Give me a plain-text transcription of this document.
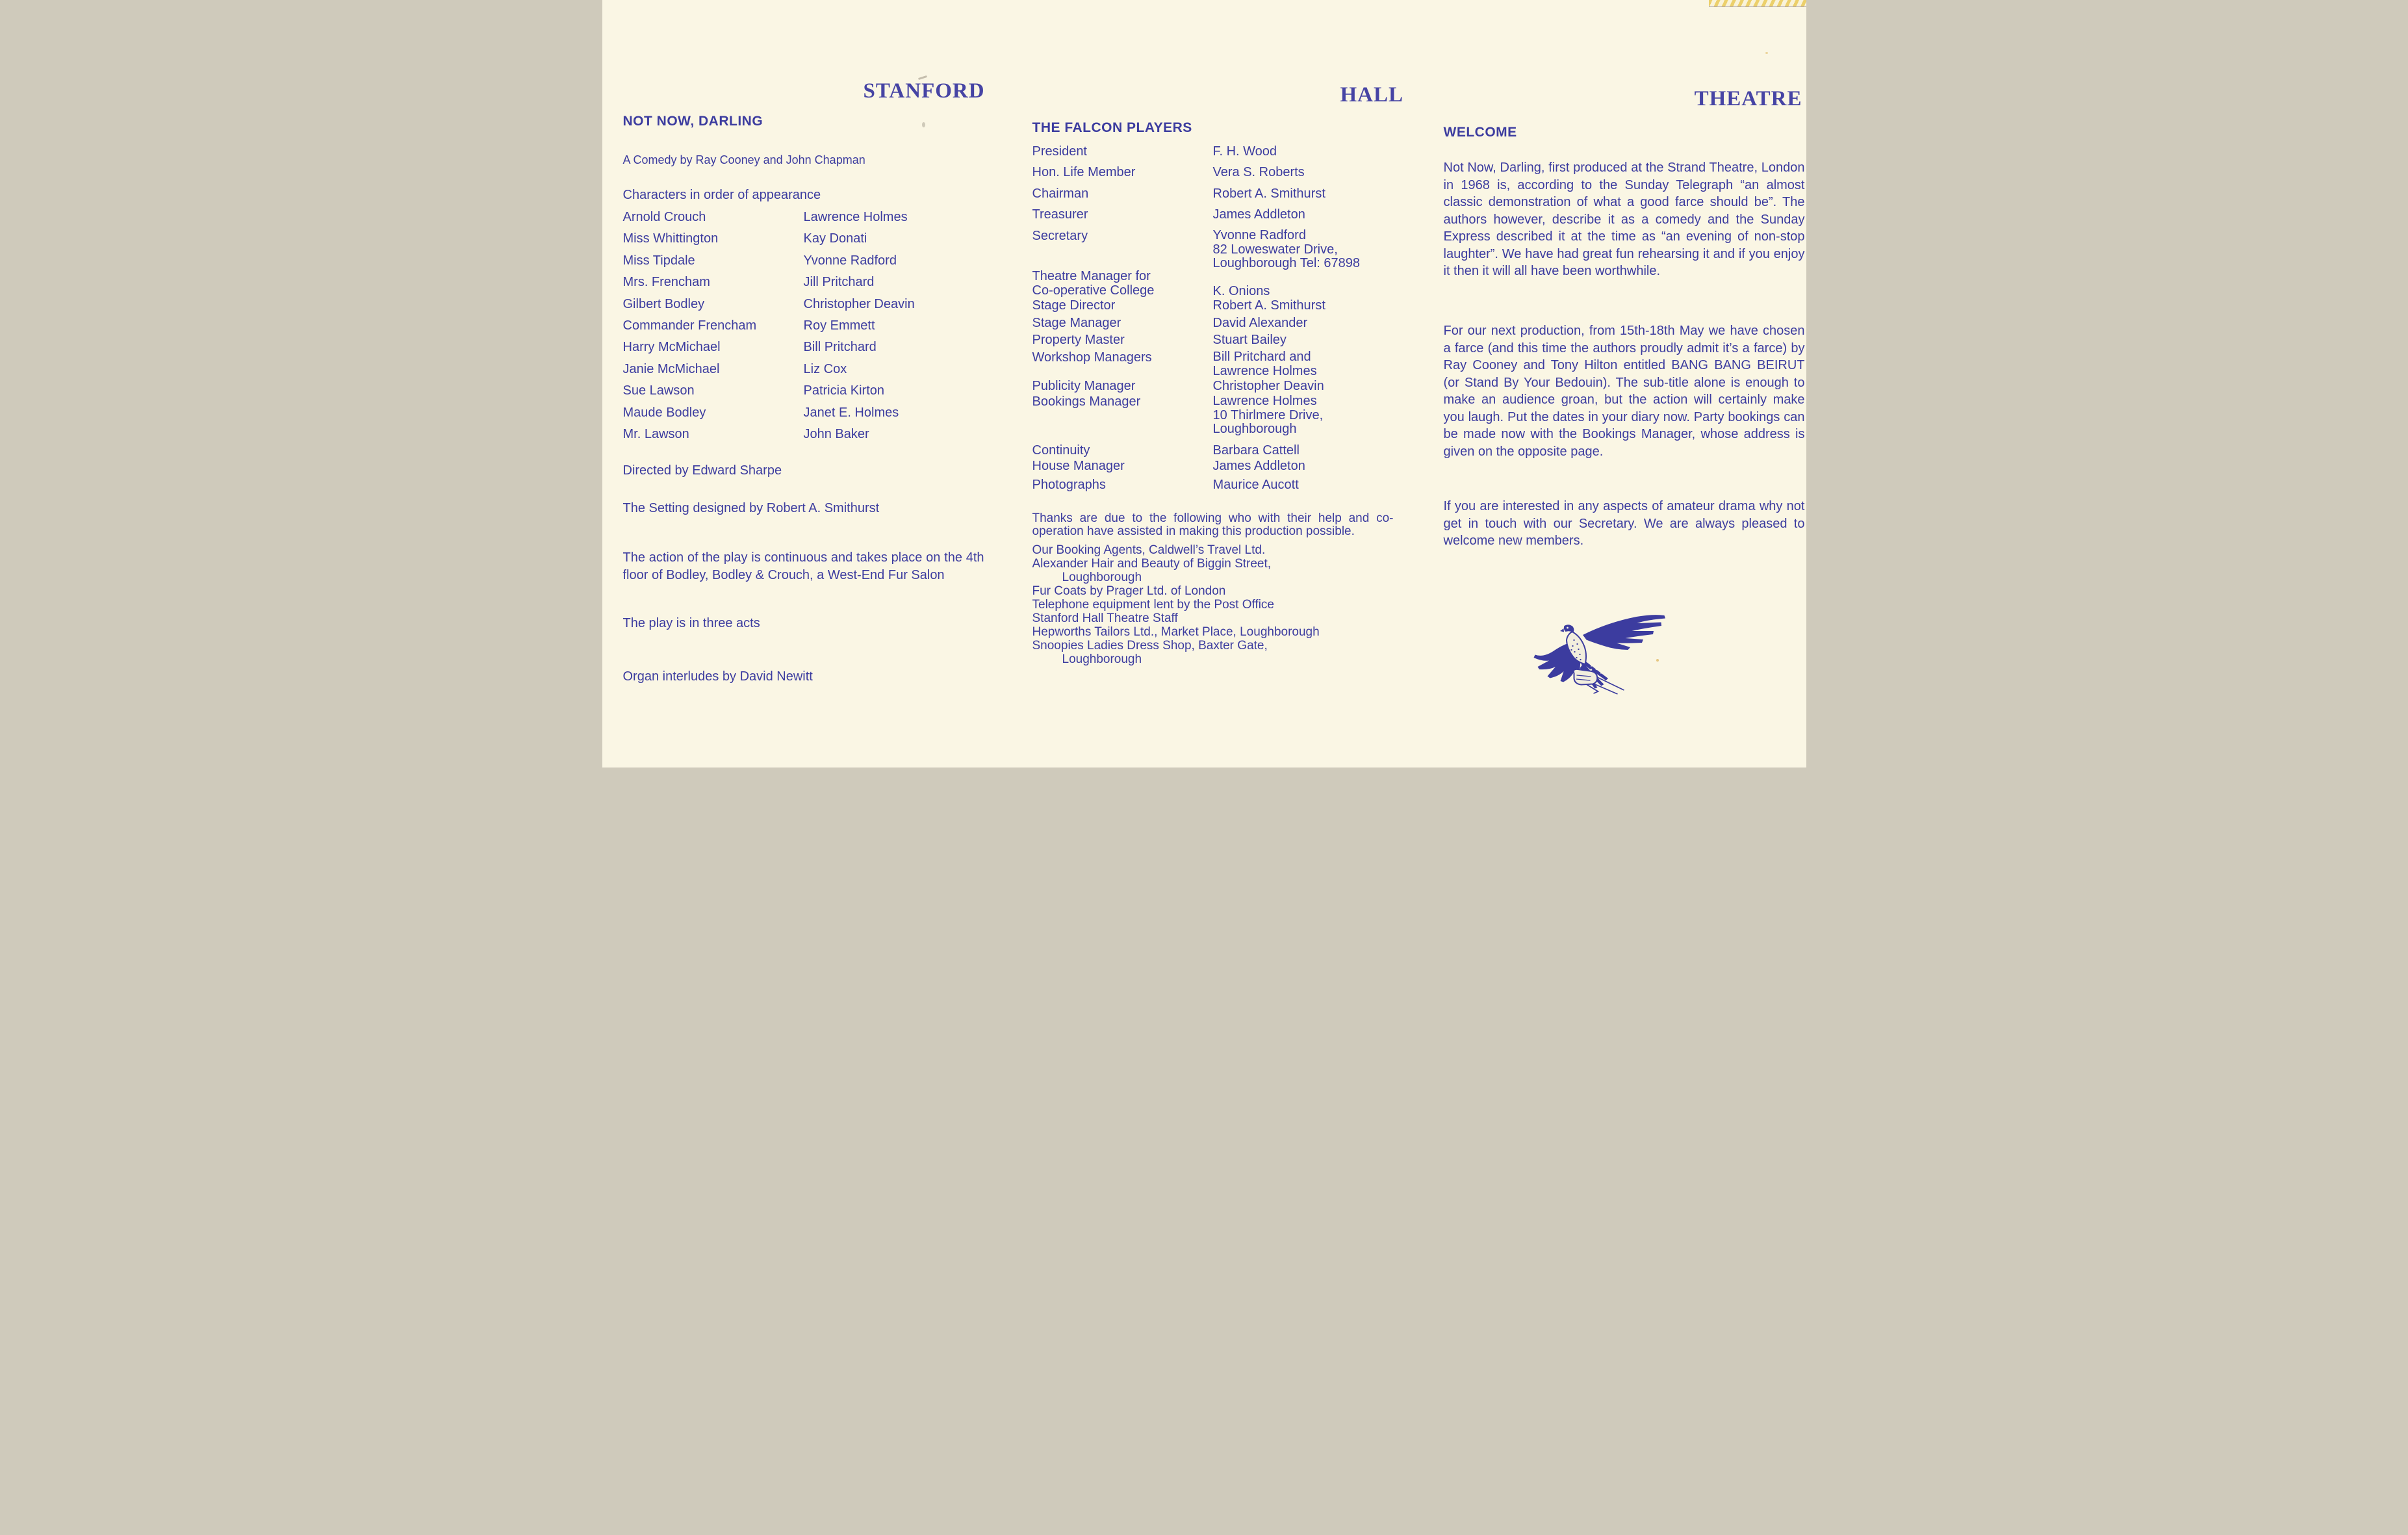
STANFORD	HALL	THEATRE
NOT NOW, DARLING
A Comedy by Ray Cooney and John Chapman
Characters in order of appearance
Arnold Crouch	Lawrence Holmes
Miss Whittington	Kay Donati
Miss Tipdale	Yvonne Radford
Mrs. Frencham	Jill Pritchard
Gilbert Bodley	Christopher Deavin
Commander Frencham	Roy Emmett
Harry McMichael	Bill Pritchard
Janie McMichael	Liz Cox
Sue Lawson	Patricia Kirton
Maude Bodley	Janet E. Holmes
Mr. Lawson	John Baker
Directed by Edward Sharpe
The Setting designed by Robert A. Smithurst
The action of the play is continuous and takes place on the 4th floor of Bodley, Bodley & Crouch, a West-End Fur Salon
The play is in three acts
Organ interludes by David Newitt
THE FALCON PLAYERS
President	F. H. Wood
Hon. Life Member	Vera S. Roberts
Chairman	Robert A. Smithurst
Treasurer	James Addleton
Secretary	Yvonne Radford
82 Loweswater Drive,
Loughborough Tel: 67898
Theatre Manager for
Co-operative College	K. Onions
Stage Director	Robert A. Smithurst
Stage Manager	David Alexander
Property Master	Stuart Bailey
Workshop Managers	Bill Pritchard and
Lawrence Holmes
Publicity Manager	Christopher Deavin
Bookings Manager	Lawrence Holmes
10 Thirlmere Drive,
Loughborough
Continuity	Barbara Cattell
House Manager	James Addleton
Photographs	Maurice Aucott

Thanks are due to the following who with their help and co-operation have assisted in making this production possible.

Our Booking Agents, Caldwell’s Travel Ltd.
Alexander Hair and Beauty of Biggin Street,
Loughborough
Fur Coats by Prager Ltd. of London
Telephone equipment lent by the Post Office
Stanford Hall Theatre Staff
Hepworths Tailors Ltd., Market Place, Loughborough
Snoopies Ladies Dress Shop, Baxter Gate,
Loughborough
WELCOME
Not Now, Darling, first produced at the Strand Theatre, London in 1968 is, according to the Sunday Telegraph “an almost classic demonstration of what a good farce should be”. The authors however, describe it as a comedy and the Sunday Express described it at the time as “an evening of non-stop laughter”. We have had great fun rehearsing it and if you enjoy it then it will all have been worthwhile.
For our next production, from 15th-18th May we have chosen a farce (and this time the authors proudly admit it’s a farce) by Ray Cooney and Tony Hilton entitled BANG BANG BEIRUT (or Stand By Your Bedouin). The sub-title alone is enough to make an audience groan, but the action will certainly make you laugh. Put the dates in your diary now. Party bookings can be made now with the Bookings Manager, whose address is given on the opposite page.
If you are interested in any aspects of amateur drama why not get in touch with our Secretary. We are always pleased to welcome new members.
